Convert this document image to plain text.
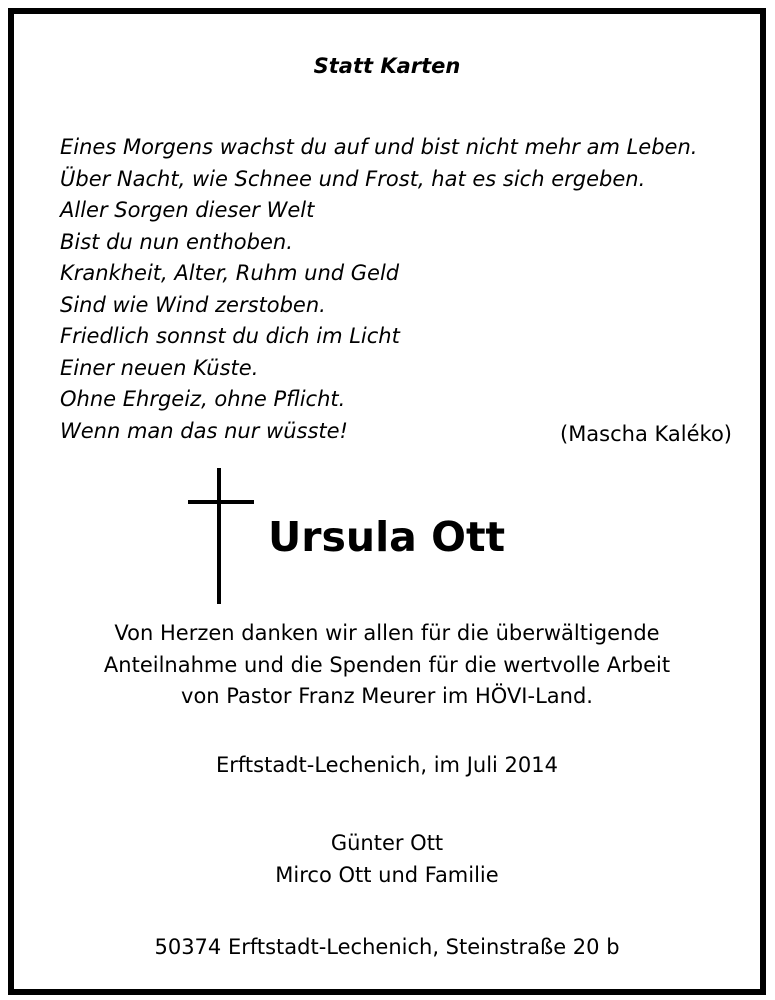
Statt Karten
Eines Morgens wachst du auf und bist nicht mehr am Leben.
Über Nacht, wie Schnee und Frost, hat es sich ergeben.
Aller Sorgen dieser Welt
Bist du nun enthoben.
Krankheit, Alter, Ruhm und Geld
Sind wie Wind zerstoben.
Friedlich sonnst du dich im Licht
Einer neuen Küste.
Ohne Ehrgeiz, ohne Pflicht.
Wenn man das nur wüsste!	(Mascha Kaléko)
Ursula Ott
Von Herzen danken wir allen für die überwältigende
Anteilnahme und die Spenden für die wertvolle Arbeit
von Pastor Franz Meurer im HÖVI-Land.
Erftstadt-Lechenich, im Juli 2014
Günter Ott
Mirco Ott und Familie
50374 Erftstadt-Lechenich, Steinstraße 20 b
